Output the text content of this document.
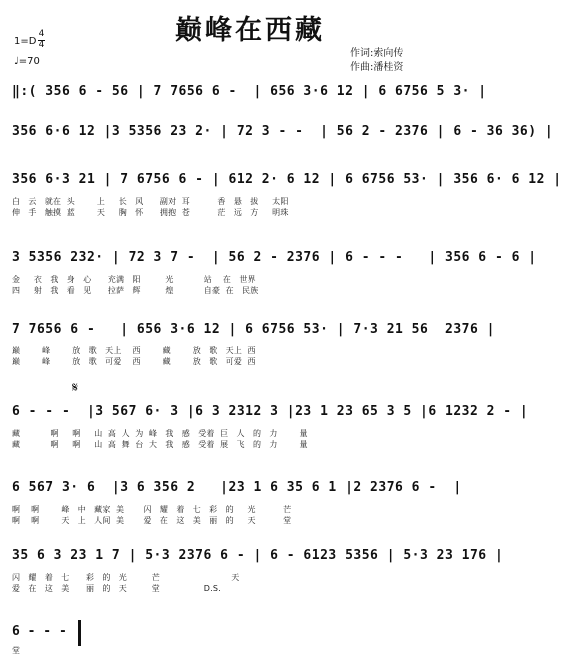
巅峰在西藏
1=D
4
4
♩=70
作词:索向传
作曲:潘桂资
‖:( 356 6 - 56 | 7 7656 6 -  | 656 3·6 12 | 6 6756 5 3· |
356 6·6 12 |3 5356 23 2· | 72 3 - -  | 56 2 - 2376 | 6 - 36 36) |
356 6·3 21 | 7 6756 6 - | 612 2· 6 12 | 6 6756 53· | 356 6· 6 12 |
白   云   就在  头        上     长   风      副对  耳          香   悬   拔     太阳
伸   手   触摸  蓝        天     胸   怀      拥抱  苍          茫   远   方     明珠
3 5356 232· | 72 3 7 -  | 56 2 - 2376 | 6 - - -   | 356 6 - 6 |
金     衣   我   身   心      充满   阳         光           站    在   世界
四     射   我   看   见      拉萨   辉         煌           自豪  在   民族
7 7656 6 -   | 656 3·6 12 | 6 6756 53· | 7·3 21 56  2376 |
巅        峰        放   歌   天上    西        藏        放   歌   天上  西
巅        峰        放   歌   可爱    西        藏        放   歌   可爱  西
𝄋
6 - - -  |3 567 6· 3 |6 3 2312 3 |23 1 23 65 3 5 |6 1232 2 - |
藏           啊     啊     山  高  人  为  峰   我   感   受着  巨   人   的   力        量
藏           啊     啊     山  高  舞  台  大   我   感   受着  展   飞   的   力        量
6 567 3· 6  |3 6 356 2   |23 1 6 35 6 1 |2 2376 6 -  |
啊    啊        峰   中   藏家  美       闪   耀   着   七   彩   的     光          芒
啊    啊        天   上   人间  美       爱   在   这   美   丽   的     天          堂
35 6 3 23 1 7 | 5·3 2376 6 - | 6 - 6123 5356 | 5·3 23 176 |
闪   耀   着   七      彩   的   光         芒                          天
爱   在   这   美      丽   的   天         堂                D.S.
6 - - -
堂
